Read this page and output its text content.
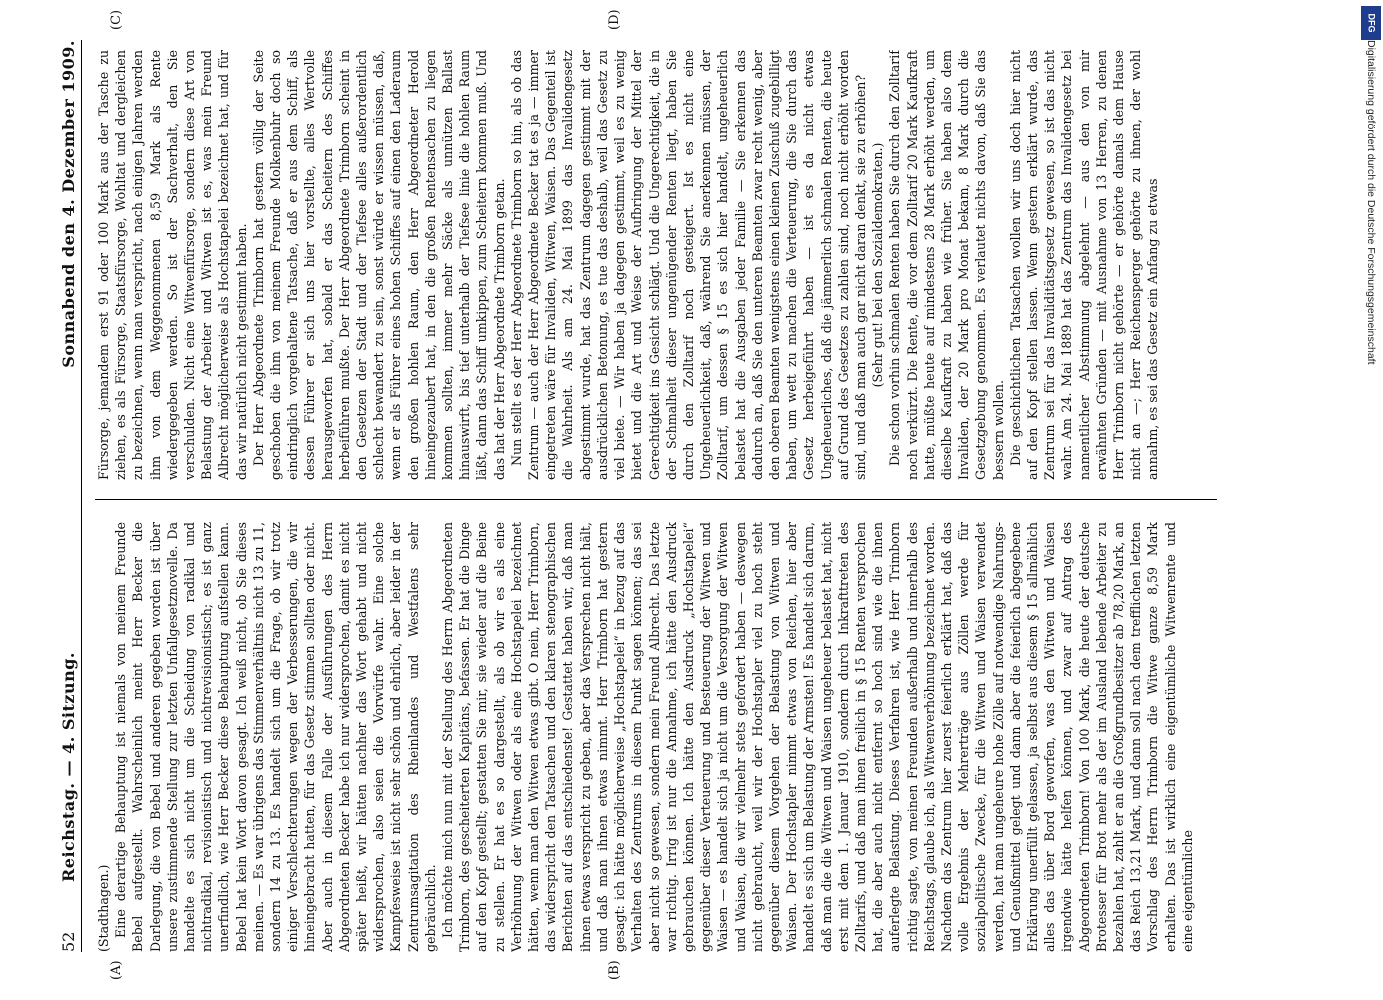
52
Reichstag. — 4. Sitzung.
Sonnabend den 4. Dezember 1909.
(A)	(B)
(C)	(D)

(Stadthagen.) Eine derartige Behauptung ist niemals von meinem Freunde Bebel aufgestellt. Wahrscheinlich meint Herr Becker die Darlegung, die von Bebel und anderen gegeben worden ist über unsere zustimmende Stellung zur letzten Unfallgesetznovelle. Da handelte es sich nicht um die Scheidung von radikal und nichtradikal, revisionistisch und nichtrevisionistisch; es ist ganz unerfindlich, wie Herr Becker diese Behauptung aufstellen kann. Bebel hat kein Wort davon gesagt. Ich weiß nicht, ob Sie dieses meinen. — Es war übrigens das Stimmenverhältnis nicht 13 zu 11, sondern 14 zu 13. Es handelt sich um die Frage, ob wir trotz einiger Verschlechterungen wegen der Verbesserungen, die wir hineingebracht hatten, für das Gesetz stimmen sollten oder nicht. Aber auch in diesem Falle der Ausführungen des Herrn Abgeordneten Becker habe ich nur widersprochen, damit es nicht später heißt, wir hätten nachher das Wort gehabt und nicht widersprochen, also seien die Vorwürfe wahr. Eine solche Kampfesweise ist nicht sehr schön und ehrlich, aber leider in der Zentrumsagitation des Rheinlandes und Westfalens sehr gebräuchlich. Ich möchte mich nun mit der Stellung des Herrn Abgeordneten Trimborn, des gescheiterten Kapitäns, befassen. Er hat die Dinge auf den Kopf gestellt; gestatten Sie mir, sie wieder auf die Beine zu stellen. Er hat es so dargestellt, als ob wir es als eine Verhöhnung der Witwen oder als eine Hochstapelei bezeichnet hätten, wenn man den Witwen etwas gibt. O nein, Herr Trimborn, das widerspricht den Tatsachen und den klaren stenographischen Berichten auf das entschiedenste! Gestattet haben wir, daß man ihnen etwas verspricht zu geben, aber das Versprechen nicht hält, und daß man ihnen etwas nimmt. Herr Trimborn hat gestern gesagt: ich hätte möglicherweise „Hochstapelei“ in bezug auf das Verhalten des Zentrums in diesem Punkt sagen können; das sei aber nicht so gewesen, sondern mein Freund Albrecht. Das letzte war richtig. Irrig ist nur die Annahme, ich hätte den Ausdruck gebrauchen können. Ich hätte den Ausdruck „Hochstapelei“ gegenüber dieser Verteuerung und Besteuerung der Witwen und Waisen — es handelt sich ja nicht um die Versorgung der Witwen und Waisen, die wir vielmehr stets gefordert haben — deswegen nicht gebraucht, weil wir der Hochstapler viel zu hoch steht gegenüber diesem Vorgehen der Belastung von Witwen und Waisen. Der Hochstapler nimmt etwas von Reichen, hier aber handelt es sich um Belastung der Armsten! Es handelt sich darum, daß man die die Witwen und Waisen ungeheuer belastet hat, nicht erst mit dem 1. Januar 1910, sondern durch Inkrafttreten des Zolltarifs, und daß man ihnen freilich in § 15 Renten versprochen hat, die aber auch nicht entfernt so hoch sind wie die ihnen auferlegte Belastung. Dieses Verfahren ist, wie Herr Trimborn richtig sagte, von meinen Freunden außerhalb und innerhalb des Reichstags, glaube ich, als Witwenverhöhnung bezeichnet worden. Nachdem das Zentrum hier zuerst feierlich erklärt hat, daß das volle Ergebnis der Mehrerträge aus Zöllen werde für sozialpolitische Zwecke, für die Witwen und Waisen verwendet werden, hat man ungeheure hohe Zölle auf notwendige Nahrungs- und Genußmittel gelegt und dann aber die feierlich abgegebene Erklärung unerfüllt gelassen, ja selbst aus diesem § 15 allmählich alles das über Bord geworfen, was den Witwen und Waisen irgendwie hätte helfen können, und zwar auf Antrag des Abgeordneten Trimborn! Von 100 Mark, die heute der deutsche Brotesser für Brot mehr als der im Ausland lebende Arbeiter zu bezahlen hat, zahlt er an die Großgrundbesitzer ab 78,20 Mark, an das Reich 13,21 Mark, und dann soll nach dem trefflichen letzten Vorschlag des Herrn Trimborn die Witwe ganze 8,59 Mark erhalten. Das ist wirklich eine eigentümliche Witwenrente und eine eigentümliche

Fürsorge, jemandem erst 91 oder 100 Mark aus der Tasche zu ziehen, es als Fürsorge, Staatsfürsorge, Wohltat und dergleichen zu bezeichnen, wenn man verspricht, nach einigen Jahren werden ihm von dem Weggenommenen 8,59 Mark als Rente wiedergegeben werden. So ist der Sachverhalt, den Sie verschulden. Nicht eine Witwenfürsorge, sondern diese Art von Belastung der Arbeiter und Witwen ist es, was mein Freund Albrecht möglicherweise als Hochstapelei bezeichnet hat, und für das wir natürlich nicht gestimmt haben. Der Herr Abgeordnete Trimborn hat gestern völlig der Seite geschoben die ihm von meinem Freunde Molkenbuhr doch so eindringlich vorgehaltene Tatsache, daß er aus dem Schiff, als dessen Führer er sich uns hier vorstellte, alles Wertvolle herausgeworfen hat, sobald er das Scheitern des Schiffes herbeiführen mußte. Der Herr Abgeordnete Trimborn scheint in den Gesetzen der Stadt und der Tiefsee alles außerordentlich schlecht bewandert zu sein, sonst würde er wissen müssen, daß, wenn er als Führer eines hohen Schiffes auf einen den Laderaum den großen hohlen Raum, den Herr Abgeordneter Herold hineingezaubert hat, in den die großen Rentensachen zu liegen kommen sollten, immer mehr Säcke als unnützen Ballast hinauswirft, bis tief unterhalb der Tiefsee linie die hohlen Raum läßt, dann das Schiff umkippen, zum Scheitern kommen muß. Und das hat der Herr Abgeordnete Trimborn getan. Nun stellt es der Herr Abgeordnete Trimborn so hin, als ob das Zentrum — auch der Herr Abgeordnete Becker tat es ja — immer eingetreten wäre für Invaliden, Witwen, Waisen. Das Gegenteil ist die Wahrheit. Als am 24. Mai 1899 das Invalidengesetz abgestimmt wurde, hat das Zentrum dagegen gestimmt mit der ausdrücklichen Betonung, es tue das deshalb, weil das Gesetz zu viel biete. — Wir haben ja dagegen gestimmt, weil es zu wenig bietet und die Art und Weise der Aufbringung der Mittel der Gerechtigkeit ins Gesicht schlägt. Und die Ungerechtigkeit, die in der Schmalheit dieser ungenügender Renten liegt, haben Sie durch den Zolltarif noch gesteigert. Ist es nicht eine Ungeheuerlichkeit, daß, während Sie anerkennen müssen, der Zolltarif, um dessen § 15 es sich hier handelt, ungeheuerlich belastet hat die Ausgaben jeder Familie — Sie erkennen das dadurch an, daß Sie den unteren Beamten zwar recht wenig, aber den oberen Beamten wenigstens einen kleinen Zuschuß zugebilligt haben, um wett zu machen die Verteuerung, die Sie durch das Gesetz herbeigeführt haben — ist es da nicht etwas Ungeheuerliches, daß die jämmerlich schmalen Renten, die heute auf Grund des Gesetzes zu zahlen sind, noch nicht erhöht worden sind, und daß man auch gar nicht daran denkt, sie zu erhöhen? (Sehr gut! bei den Sozialdemokraten.) Die schon vorhin schmalen Renten haben Sie durch den Zolltarif noch verkürzt. Die Rente, die vor dem Zolltarif 20 Mark Kaufkraft hatte, müßte heute auf mindestens 28 Mark erhöht werden, um dieselbe Kaufkraft zu haben wie früher. Sie haben also dem Invaliden, der 20 Mark pro Monat bekam, 8 Mark durch die Gesetzgebung genommen. Es verlautet nichts davon, daß Sie das bessern wollen. Die geschichtlichen Tatsachen wollen wir uns doch hier nicht auf den Kopf stellen lassen. Wenn gestern erklärt wurde, das Zentrum sei für das Invaliditätsgesetz gewesen, so ist das nicht wahr. Am 24. Mai 1889 hat das Zentrum das Invalidengesetz bei namentlicher Abstimmung abgelehnt — aus den von mir erwähnten Gründen — mit Ausnahme von 13 Herren, zu denen Herr Trimborn nicht gehörte — er gehörte damals dem Hause nicht an —; Herr Reichensperger gehörte zu ihnen, der wohl annahm, es sei das Gesetz ein Anfang zu etwas

DFG
Digitalisierung gefördert durch die Deutsche Forschungsgemeinschaft
